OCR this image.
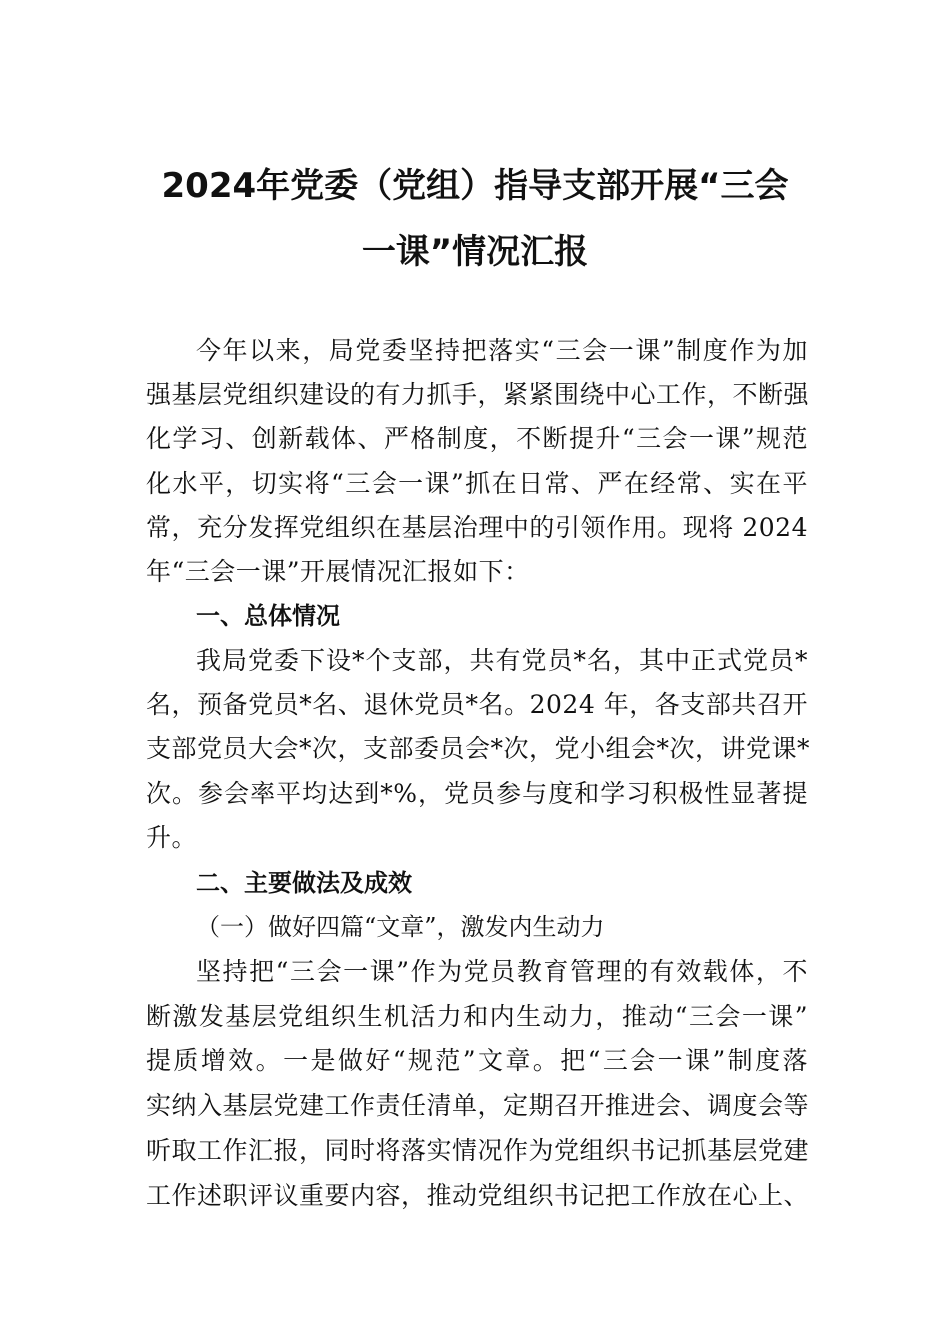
2024年党委（党组）指导支部开展“三会
一课”情况汇报
今年以来，局党委坚持把落实“三会一课”制度作为加
强基层党组织建设的有力抓手，紧紧围绕中心工作，不断强
化学习、创新载体、严格制度，不断提升“三会一课”规范
化水平，切实将“三会一课”抓在日常、严在经常、实在平
常，充分发挥党组织在基层治理中的引领作用。现将 2024
年“三会一课”开展情况汇报如下：
一、总体情况
我局党委下设*个支部，共有党员*名，其中正式党员*
名，预备党员*名、退休党员*名。2024 年，各支部共召开
支部党员大会*次，支部委员会*次，党小组会*次，讲党课*
次。参会率平均达到*%，党员参与度和学习积极性显著提
升。
二、主要做法及成效
（一）做好四篇“文章”，激发内生动力
坚持把“三会一课”作为党员教育管理的有效载体，不
断激发基层党组织生机活力和内生动力，推动“三会一课”
提质增效。一是做好“规范”文章。把“三会一课”制度落
实纳入基层党建工作责任清单，定期召开推进会、调度会等
听取工作汇报，同时将落实情况作为党组织书记抓基层党建
工作述职评议重要内容，推动党组织书记把工作放在心上、
